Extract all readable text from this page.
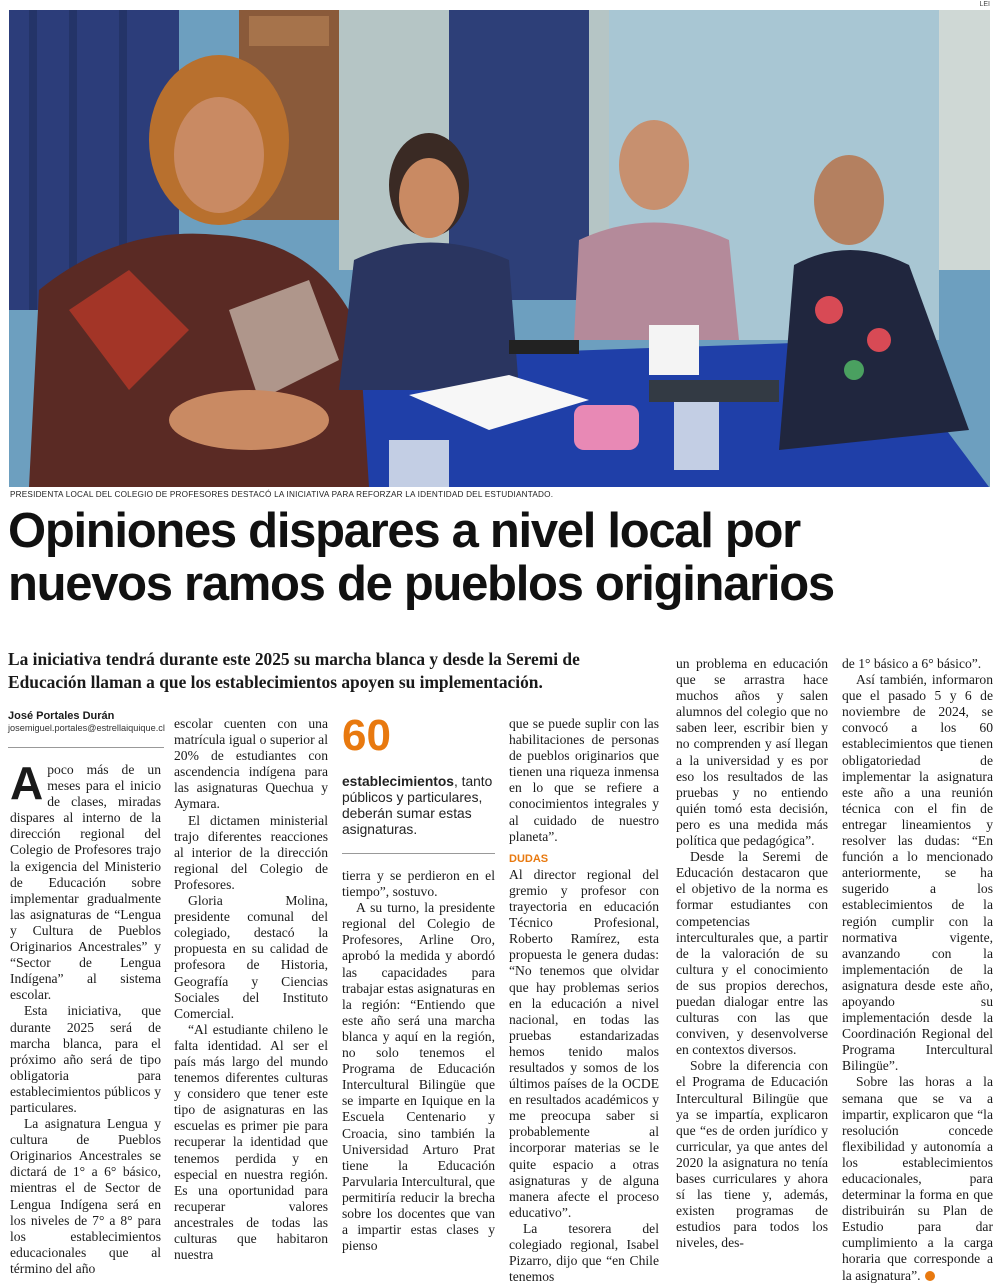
LEI
PRESIDENTA LOCAL DEL COLEGIO DE PROFESORES DESTACÓ LA INICIATIVA PARA REFORZAR LA IDENTIDAD DEL ESTUDIANTADO.
Opiniones dispares a nivel local por
nuevos ramos de pueblos originarios
La iniciativa tendrá durante este 2025 su marcha blanca y desde la Seremi de
Educación llaman a que los establecimientos apoyen su implementación.
José Portales Durán
josemiguel.portales@estrellaiquique.cl

Apoco más de un meses para el inicio de clases, miradas dispares al interno de la dirección regional del Colegio de Profesores trajo la exigencia del Ministerio de Educación sobre implementar gradualmente las asignaturas de “Lengua y Cultura de Pueblos Originarios Ancestrales” y “Sector de Lengua Indígena” al sistema escolar.

Esta iniciativa, que durante 2025 será de marcha blanca, para el próximo año será de tipo obligatoria para establecimientos públicos y particulares.

La asignatura Lengua y cultura de Pueblos Originarios Ancestrales se dictará de 1° a 6° básico, mientras el de Sector de Lengua Indígena será en los niveles de 7° a 8° para los establecimientos educacionales que al término del año

escolar cuenten con una matrícula igual o superior al 20% de estudiantes con ascendencia indígena para las asignaturas Quechua y Aymara.

El dictamen ministerial trajo diferentes reacciones al interior de la dirección regional del Colegio de Profesores.

Gloria Molina, presidente comunal del colegiado, destacó la propuesta en su calidad de profesora de Historia, Geografía y Ciencias Sociales del Instituto Comercial.

“Al estudiante chileno le falta identidad. Al ser el país más largo del mundo tenemos diferentes culturas y considero que tener este tipo de asignaturas en las escuelas es primer pie para recuperar la identidad que tenemos perdida y en especial en nuestra región. Es una oportunidad para recuperar valores ancestrales de todas las culturas que habitaron nuestra

60
establecimientos, tanto públicos y particulares, deberán sumar estas asignaturas.

tierra y se perdieron en el tiempo”, sostuvo.

A su turno, la presidente regional del Colegio de Profesores, Arline Oro, aprobó la medida y abordó las capacidades para trabajar estas asignaturas en la región: “Entiendo que este año será una marcha blanca y aquí en la región, no solo tenemos el Programa de Educación Intercultural Bilingüe que se imparte en Iquique en la Escuela Centenario y Croacia, sino también la Universidad Arturo Prat tiene la Educación Parvularia Intercultural, que permitiría reducir la brecha sobre los docentes que van a impartir estas clases y pienso

que se puede suplir con las habilitaciones de personas de pueblos originarios que tienen una riqueza inmensa en lo que se refiere a conocimientos integrales y al cuidado de nuestro planeta”.

DUDAS

Al director regional del gremio y profesor con trayectoria en educación Técnico Profesional, Roberto Ramírez, esta propuesta le genera dudas: “No tenemos que olvidar que hay problemas serios en la educación a nivel nacional, en todas las pruebas estandarizadas hemos tenido malos resultados y somos de los últimos países de la OCDE en resultados académicos y me preocupa saber si probablemente al incorporar materias se le quite espacio a otras asignaturas y de alguna manera afecte el proceso educativo”.

La tesorera del colegiado regional, Isabel Pizarro, dijo que “en Chile tenemos

un problema en educación que se arrastra hace muchos años y salen alumnos del colegio que no saben leer, escribir bien y no comprenden y así llegan a la universidad y es por eso los resultados de las pruebas y no entiendo quién tomó esta decisión, pero es una medida más política que pedagógica”.

Desde la Seremi de Educación destacaron que el objetivo de la norma es formar estudiantes con competencias interculturales que, a partir de la valoración de su cultura y el conocimiento de sus propios derechos, puedan dialogar entre las culturas con las que conviven, y desenvolverse en contextos diversos.

Sobre la diferencia con el Programa de Educación Intercultural Bilingüe que ya se impartía, explicaron que “es de orden jurídico y curricular, ya que antes del 2020 la asignatura no tenía bases curriculares y ahora sí las tiene y, además, existen programas de estudios para todos los niveles, des-

de 1° básico a 6° básico”.

Así también, informaron que el pasado 5 y 6 de noviembre de 2024, se convocó a los 60 establecimientos que tienen obligatoriedad de implementar la asignatura este año a una reunión técnica con el fin de entregar lineamientos y resolver las dudas: “En función a lo mencionado anteriormente, se ha sugerido a los establecimientos de la región cumplir con la normativa vigente, avanzando con la implementación de la asignatura desde este año, apoyando su implementación desde la Coordinación Regional del Programa Intercultural Bilingüe”.

Sobre las horas a la semana que se va a impartir, explicaron que “la resolución concede flexibilidad y autonomía a los establecimientos educacionales, para determinar la forma en que distribuirán su Plan de Estudio para dar cumplimiento a la carga horaria que corresponde a la asignatura”.
